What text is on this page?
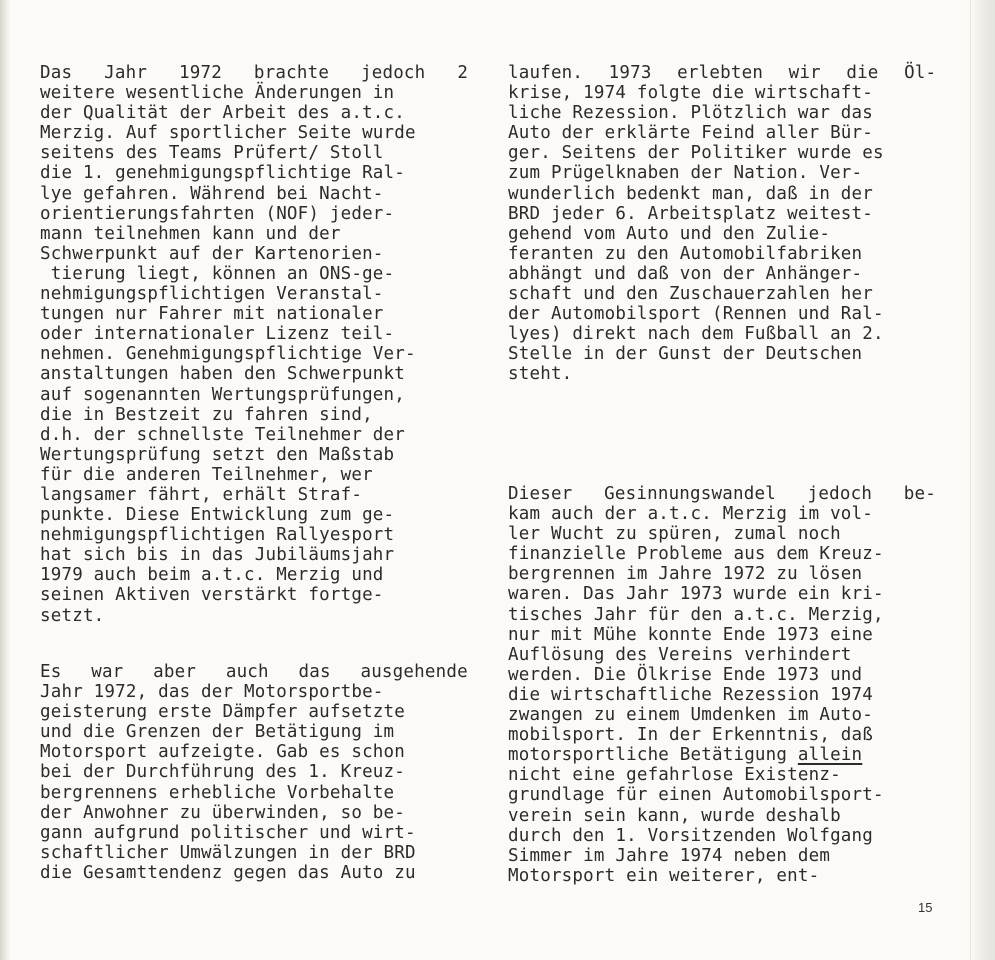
Das Jahr 1972 brachte jedoch 2
weitere wesentliche Änderungen in
der Qualität der Arbeit des a.t.c.
Merzig. Auf sportlicher Seite wurde
seitens des Teams Prüfert/ Stoll
die 1. genehmigungspflichtige Ral-
lye gefahren. Während bei Nacht-
orientierungsfahrten (NOF) jeder-
mann teilnehmen kann und der
Schwerpunkt auf der Kartenorien-
tierung liegt, können an ONS-ge-
nehmigungspflichtigen Veranstal-
tungen nur Fahrer mit nationaler
oder internationaler Lizenz teil-
nehmen. Genehmigungspflichtige Ver-
anstaltungen haben den Schwerpunkt
auf sogenannten Wertungsprüfungen,
die in Bestzeit zu fahren sind,
d.h. der schnellste Teilnehmer der
Wertungsprüfung setzt den Maßstab
für die anderen Teilnehmer, wer
langsamer fährt, erhält Straf-
punkte. Diese Entwicklung zum ge-
nehmigungspflichtigen Rallyesport
hat sich bis in das Jubiläumsjahr
1979 auch beim a.t.c. Merzig und
seinen Aktiven verstärkt fortge-
setzt.
Es war aber auch das ausgehende
Jahr 1972, das der Motorsportbe-
geisterung erste Dämpfer aufsetzte
und die Grenzen der Betätigung im
Motorsport aufzeigte. Gab es schon
bei der Durchführung des 1. Kreuz-
bergrennens erhebliche Vorbehalte
der Anwohner zu überwinden, so be-
gann aufgrund politischer und wirt-
schaftlicher Umwälzungen in der BRD
die Gesamttendenz gegen das Auto zu
laufen. 1973 erlebten wir die Öl-
krise, 1974 folgte die wirtschaft-
liche Rezession. Plötzlich war das
Auto der erklärte Feind aller Bür-
ger. Seitens der Politiker wurde es
zum Prügelknaben der Nation. Ver-
wunderlich bedenkt man, daß in der
BRD jeder 6. Arbeitsplatz weitest-
gehend vom Auto und den Zulie-
feranten zu den Automobilfabriken
abhängt und daß von der Anhänger-
schaft und den Zuschauerzahlen her
der Automobilsport (Rennen und Ral-
lyes) direkt nach dem Fußball an 2.
Stelle in der Gunst der Deutschen
steht.
Dieser Gesinnungswandel jedoch be-
kam auch der a.t.c. Merzig im vol-
ler Wucht zu spüren, zumal noch
finanzielle Probleme aus dem Kreuz-
bergrennen im Jahre 1972 zu lösen
waren. Das Jahr 1973 wurde ein kri-
tisches Jahr für den a.t.c. Merzig,
nur mit Mühe konnte Ende 1973 eine
Auflösung des Vereins verhindert
werden. Die Ölkrise Ende 1973 und
die wirtschaftliche Rezession 1974
zwangen zu einem Umdenken im Auto-
mobilsport. In der Erkenntnis, daß
motorsportliche Betätigung allein
nicht eine gefahrlose Existenz-
grundlage für einen Automobilsport-
verein sein kann, wurde deshalb
durch den 1. Vorsitzenden Wolfgang
Simmer im Jahre 1974 neben dem
Motorsport ein weiterer, ent-
15
